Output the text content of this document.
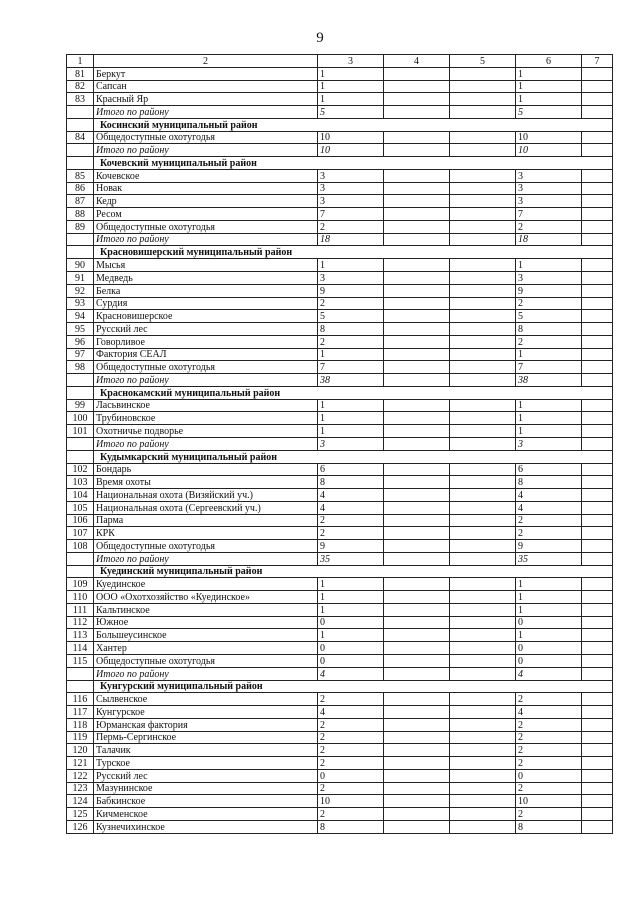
9
1	2	3	4	5	6	7
81	Беркут	1			1	
82	Сапсан	1			1	
83	Красный Яр	1			1	
	Итого по району	5			5	
	Косинский муниципальный район					
84	Общедоступные охотугодья	10			10	
	Итого по району	10			10	
	Кочевский муниципальный район					
85	Кочевское	3			3	
86	Новак	3			3	
87	Кедр	3			3	
88	Ресом	7			7	
89	Общедоступные охотугодья	2			2	
	Итого по району	18			18	
	Красновишерский муниципальный район					
90	Мысья	1			1	
91	Медведь	3			3	
92	Белка	9			9	
93	Сурдия	2			2	
94	Красновишерское	5			5	
95	Русский лес	8			8	
96	Говорливое	2			2	
97	Фактория СЕАЛ	1			1	
98	Общедоступные охотугодья	7			7	
	Итого по району	38			38	
	Краснокамский муниципальный район					
99	Ласьвинское	1			1	
100	Трубиновское	1			1	
101	Охотничье подворье	1			1	
	Итого по району	3			3	
	Кудымкарский муниципальный район					
102	Бондарь	6			6	
103	Время охоты	8			8	
104	Национальная охота (Визяйский уч.)	4			4	
105	Национальная охота (Сергеевский уч.)	4			4	
106	Парма	2			2	
107	КРК	2			2	
108	Общедоступные охотугодья	9			9	
	Итого по району	35			35	
	Куединский муниципальный район					
109	Куединское	1			1	
110	ООО «Охотхозяйство «Куединское»	1			1	
111	Кальтинское	1			1	
112	Южное	0			0	
113	Большеусинское	1			1	
114	Хантер	0			0	
115	Общедоступные охотугодья	0			0	
	Итого по району	4			4	
	Кунгурский муниципальный район					
116	Сылвенское	2			2	
117	Кунгурское	4			4	
118	Юрманская фактория	2			2	
119	Пермь-Сергинское	2			2	
120	Талачик	2			2	
121	Турское	2			2	
122	Русский лес	0			0	
123	Мазунинское	2			2	
124	Бабкинское	10			10	
125	Кичменское	2			2	
126	Кузнечихинское	8			8	
